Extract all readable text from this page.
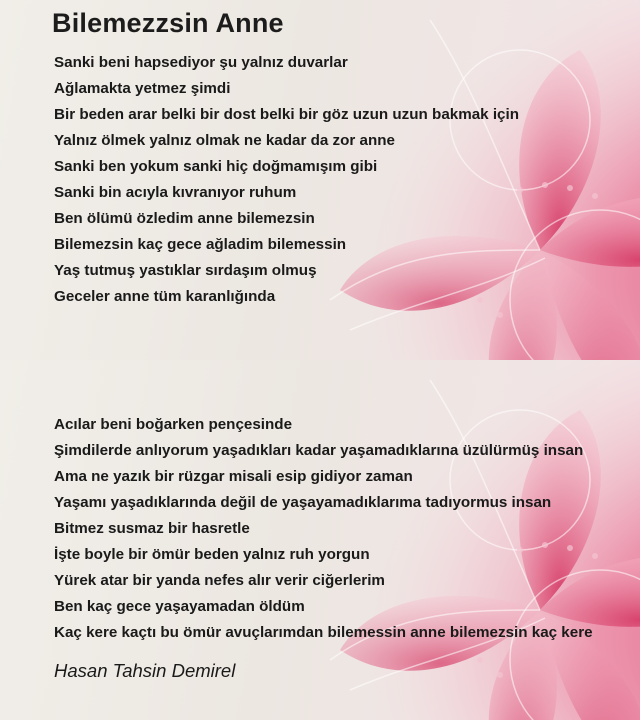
Bilemezzsin Anne
Sanki beni hapsediyor şu yalnız duvarlar
Ağlamakta yetmez şimdi
Bir beden arar belki bir dost belki bir göz uzun uzun bakmak için
Yalnız ölmek yalnız olmak ne kadar da zor anne
Sanki ben yokum sanki hiç doğmamışım gibi
Sanki bin acıyla kıvranıyor ruhum
Ben ölümü özledim anne bilemezsin
Bilemezsin kaç gece ağladim bilemessin
Yaş tutmuş yastıklar sırdaşım olmuş
Geceler anne tüm karanlığında
Acılar beni boğarken pençesinde
Şimdilerde anlıyorum yaşadıkları kadar yaşamadıklarına üzülürmüş insan
Ama ne yazık bir rüzgar misali esip gidiyor zaman
Yaşamı yaşadıklarında değil de yaşayamadıklarıma tadıyormus insan
Bitmez susmaz bir hasretle
İşte boyle bir ömür beden yalnız ruh yorgun
Yürek atar bir yanda nefes alır verir ciğerlerim
Ben kaç gece yaşayamadan öldüm
Kaç kere kaçtı bu ömür avuçlarımdan bilemessin anne bilemezsin kaç kere
Hasan Tahsin Demirel
